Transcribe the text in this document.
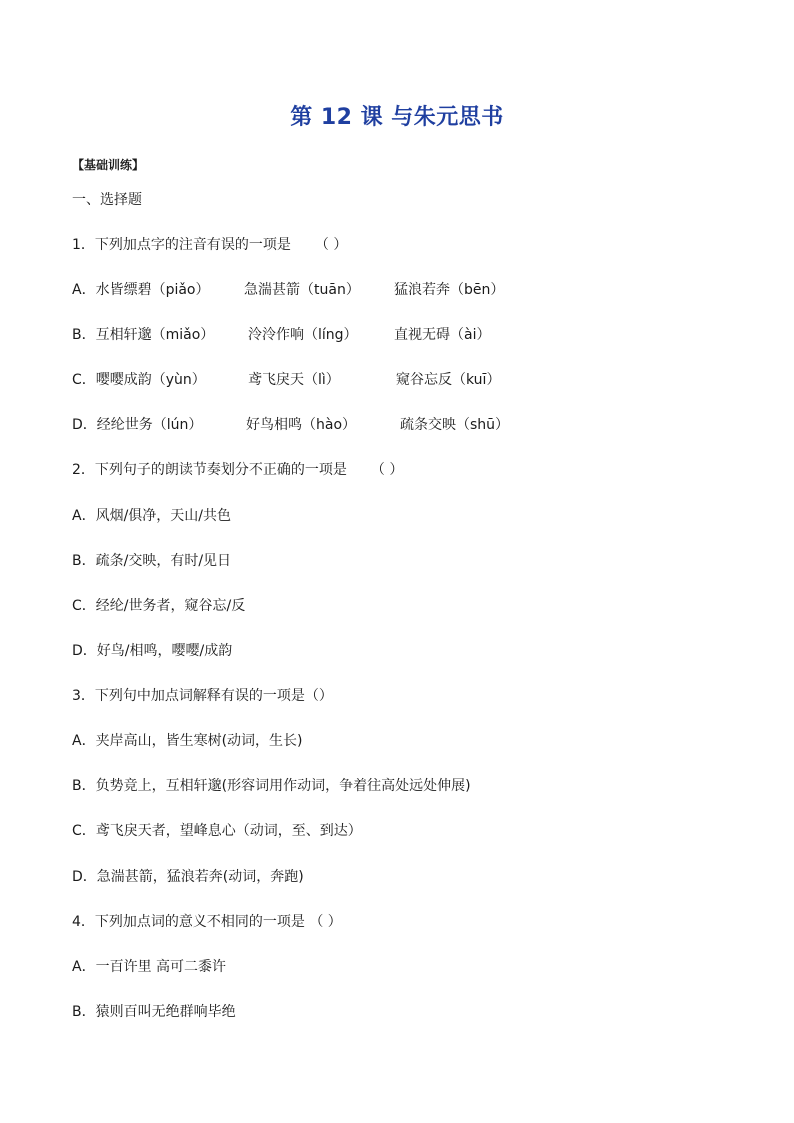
第 12 课 与朱元思书
【基础训练】
一、选择题
1．下列加点字的注音有误的一项是 （ ）
A．水皆缥碧（piǎo） 急湍甚箭（tuān） 猛浪若奔（bēn）
B．互相轩邈（miǎo） 泠泠作响（líng）	直视无碍（ài）
C．嘤嘤成韵（yùn）	鸢飞戾天（lì）	窥谷忘反（kuī）
D．经纶世务（lún）	好鸟相鸣（hào）	疏条交映（shū）
2．下列句子的朗读节奏划分不正确的一项是 （ ）
A．风烟/俱净，天山/共色
B．疏条/交映，有时/见日
C．经纶/世务者，窥谷忘/反
D．好鸟/相鸣，嘤嘤/成韵
3．下列句中加点词解释有误的一项是（）
A．夹岸高山，皆生寒树(动词，生长)
B．负势竞上，互相轩邈(形容词用作动词，争着往高处远处伸展)
C．鸢飞戾天者，望峰息心（动词，至、到达）
D．急湍甚箭，猛浪若奔(动词，奔跑)
4．下列加点词的意义不相同的一项是 （ ）
A．一百许里 高可二黍许
B．猿则百叫无绝群响毕绝
